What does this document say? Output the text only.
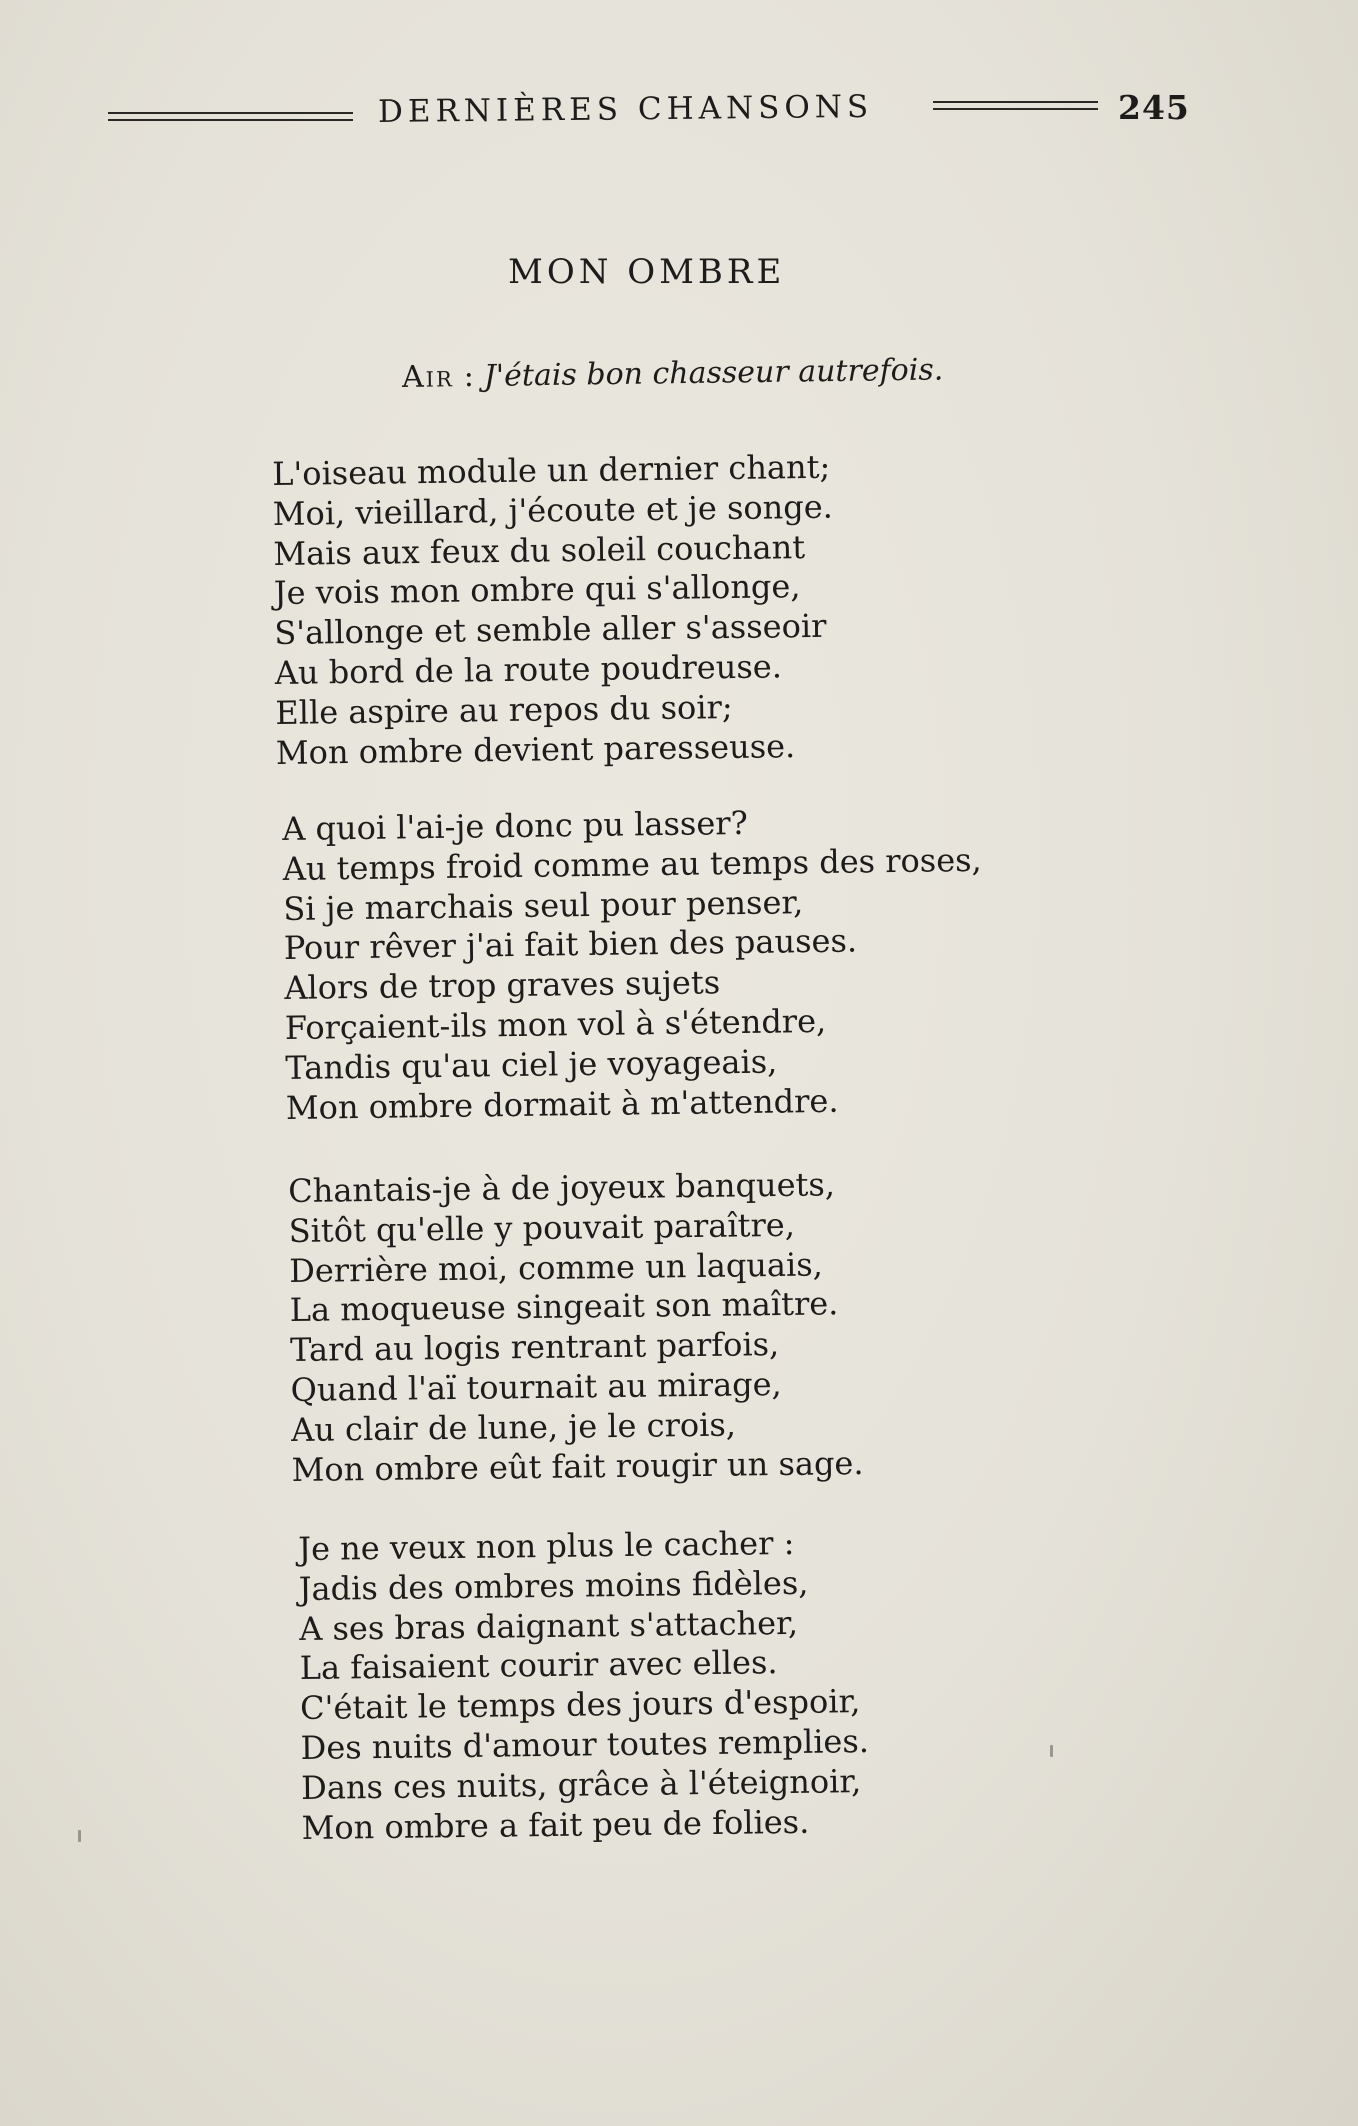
DERNIÈRES CHANSONS	245
MON OMBRE
Air : J'étais bon chasseur autrefois.
L'oiseau module un dernier chant;
Moi, vieillard, j'écoute et je songe.
Mais aux feux du soleil couchant
Je vois mon ombre qui s'allonge,
S'allonge et semble aller s'asseoir
Au bord de la route poudreuse.
Elle aspire au repos du soir;
Mon ombre devient paresseuse.
A quoi l'ai-je donc pu lasser?
Au temps froid comme au temps des roses,
Si je marchais seul pour penser,
Pour rêver j'ai fait bien des pauses.
Alors de trop graves sujets
Forçaient-ils mon vol à s'étendre,
Tandis qu'au ciel je voyageais,
Mon ombre dormait à m'attendre.
Chantais-je à de joyeux banquets,
Sitôt qu'elle y pouvait paraître,
Derrière moi, comme un laquais,
La moqueuse singeait son maître.
Tard au logis rentrant parfois,
Quand l'aï tournait au mirage,
Au clair de lune, je le crois,
Mon ombre eût fait rougir un sage.
Je ne veux non plus le cacher :
Jadis des ombres moins fidèles,
A ses bras daignant s'attacher,
La faisaient courir avec elles.
C'était le temps des jours d'espoir,
Des nuits d'amour toutes remplies.
Dans ces nuits, grâce à l'éteignoir,
Mon ombre a fait peu de folies.
